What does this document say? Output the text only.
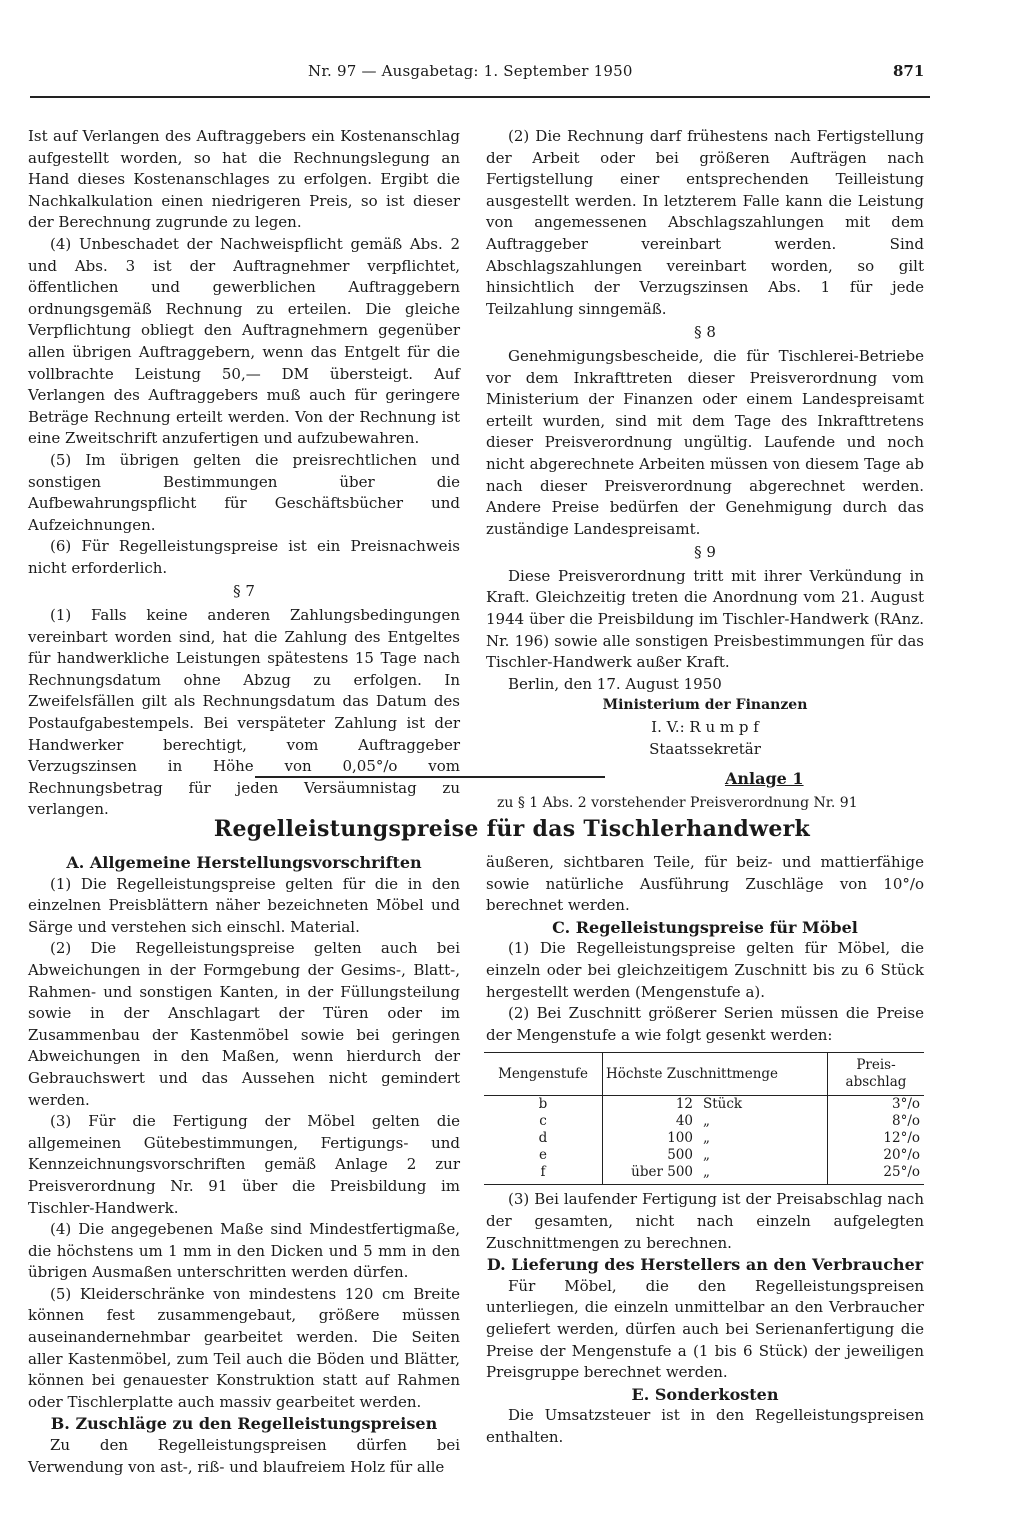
Nr. 97 — Ausgabetag: 1. September 1950	871

Ist auf Verlangen des Auftraggebers ein Kostenanschlag aufgestellt worden, so hat die Rechnungslegung an Hand dieses Kostenanschlages zu erfolgen. Ergibt die Nachkalkulation einen niedrigeren Preis, so ist dieser der Berechnung zugrunde zu legen.

(4) Unbeschadet der Nachweispflicht gemäß Abs. 2 und Abs. 3 ist der Auftragnehmer verpflichtet, öffentlichen und gewerblichen Auftraggebern ordnungsgemäß Rechnung zu erteilen. Die gleiche Verpflichtung obliegt den Auftragnehmern gegenüber allen übrigen Auftraggebern, wenn das Entgelt für die vollbrachte Leistung 50,— DM übersteigt. Auf Verlangen des Auftraggebers muß auch für geringere Beträge Rechnung erteilt werden. Von der Rechnung ist eine Zweitschrift anzufertigen und aufzubewahren.

(5) Im übrigen gelten die preisrechtlichen und sonstigen Bestimmungen über die Aufbewahrungspflicht für Geschäftsbücher und Aufzeichnungen.

(6) Für Regelleistungspreise ist ein Preisnachweis nicht erforderlich.

§ 7

(1) Falls keine anderen Zahlungsbedingungen vereinbart worden sind, hat die Zahlung des Entgeltes für handwerkliche Leistungen spätestens 15 Tage nach Rechnungsdatum ohne Abzug zu erfolgen. In Zweifelsfällen gilt als Rechnungsdatum das Datum des Postaufgabestempels. Bei verspäteter Zahlung ist der Handwerker berechtigt, vom Auftraggeber Verzugszinsen in Höhe von 0,05°/o vom Rechnungsbetrag für jeden Versäumnistag zu verlangen.

(2) Die Rechnung darf frühestens nach Fertigstellung der Arbeit oder bei größeren Aufträgen nach Fertigstellung einer entsprechenden Teilleistung ausgestellt werden. In letzterem Falle kann die Leistung von angemessenen Abschlagszahlungen mit dem Auftraggeber vereinbart werden. Sind Abschlagszahlungen vereinbart worden, so gilt hinsichtlich der Verzugszinsen Abs. 1 für jede Teilzahlung sinngemäß.

§ 8

Genehmigungsbescheide, die für Tischlerei-Betriebe vor dem Inkrafttreten dieser Preisverordnung vom Ministerium der Finanzen oder einem Landespreisamt erteilt wurden, sind mit dem Tage des Inkrafttretens dieser Preisverordnung ungültig. Laufende und noch nicht abgerechnete Arbeiten müssen von diesem Tage ab nach dieser Preisverordnung abgerechnet werden. Andere Preise bedürfen der Genehmigung durch das zuständige Landespreisamt.

§ 9

Diese Preisverordnung tritt mit ihrer Verkündung in Kraft. Gleichzeitig treten die Anordnung vom 21. August 1944 über die Preisbildung im Tischler-Handwerk (RAnz. Nr. 196) sowie alle sonstigen Preisbestimmungen für das Tischler-Handwerk außer Kraft.

Berlin, den 17. August 1950

Ministerium der Finanzen
I. V.: R u m p f
Staatssekretär
Anlage 1
zu § 1 Abs. 2 vorstehender Preisverordnung Nr. 91
Regelleistungspreise für das Tischlerhandwerk

A. Allgemeine Herstellungsvorschriften

(1) Die Regelleistungspreise gelten für die in den einzelnen Preisblättern näher bezeichneten Möbel und Särge und verstehen sich einschl. Material.

(2) Die Regelleistungspreise gelten auch bei Abweichungen in der Formgebung der Gesims-, Blatt-, Rahmen- und sonstigen Kanten, in der Füllungsteilung sowie in der Anschlagart der Türen oder im Zusammenbau der Kastenmöbel sowie bei geringen Abweichungen in den Maßen, wenn hierdurch der Gebrauchswert und das Aussehen nicht gemindert werden.

(3) Für die Fertigung der Möbel gelten die allgemeinen Gütebestimmungen, Fertigungs- und Kennzeichnungsvorschriften gemäß Anlage 2 zur Preisverordnung Nr. 91 über die Preisbildung im Tischler-Handwerk.

(4) Die angegebenen Maße sind Mindestfertigmaße, die höchstens um 1 mm in den Dicken und 5 mm in den übrigen Ausmaßen unterschritten werden dürfen.

(5) Kleiderschränke von mindestens 120 cm Breite können fest zusammengebaut, größere müssen auseinandernehmbar gearbeitet werden. Die Seiten aller Kastenmöbel, zum Teil auch die Böden und Blätter, können bei genauester Konstruktion statt auf Rahmen oder Tischlerplatte auch massiv gearbeitet werden.

B. Zuschläge zu den Regelleistungspreisen

Zu den Regelleistungspreisen dürfen bei Verwendung von ast-, riß- und blaufreiem Holz für alle

äußeren, sichtbaren Teile, für beiz- und mattierfähige sowie natürliche Ausführung Zuschläge von 10°/o berechnet werden.

C. Regelleistungspreise für Möbel

(1) Die Regelleistungspreise gelten für Möbel, die einzeln oder bei gleichzeitigem Zuschnitt bis zu 6 Stück hergestellt werden (Mengenstufe a).

(2) Bei Zuschnitt größerer Serien müssen die Preise der Mengenstufe a wie folgt gesenkt werden:

Mengenstufe	Höchste Zuschnittmenge	Preis-abschlag
b	12 Stück	3°/o
c	40 „	8°/o
d	100 „	12°/o
e	500 „	20°/o
f	über 500 „	25°/o

(3) Bei laufender Fertigung ist der Preisabschlag nach der gesamten, nicht nach einzeln aufgelegten Zuschnittmengen zu berechnen.

D. Lieferung des Herstellers an den Verbraucher

Für Möbel, die den Regelleistungspreisen unterliegen, die einzeln unmittelbar an den Verbraucher geliefert werden, dürfen auch bei Serienanfertigung die Preise der Mengenstufe a (1 bis 6 Stück) der jeweiligen Preisgruppe berechnet werden.

E. Sonderkosten

Die Umsatzsteuer ist in den Regelleistungspreisen enthalten.
